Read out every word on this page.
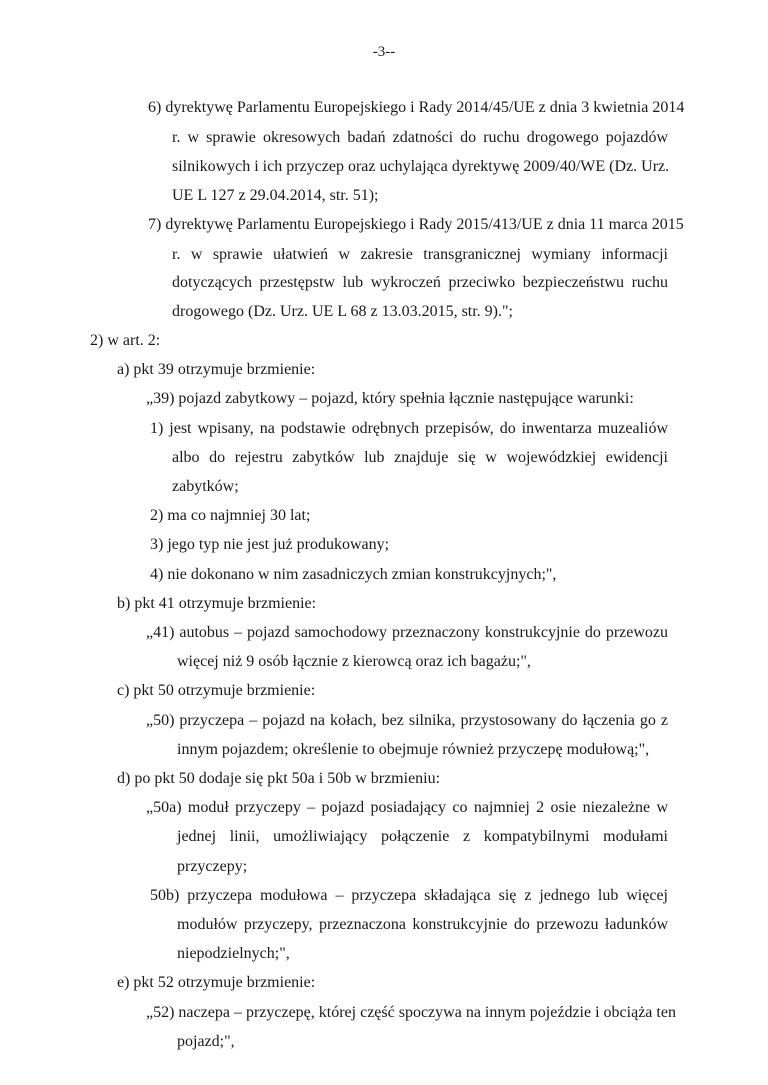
-3--
6) dyrektywę Parlamentu Europejskiego i Rady 2014/45/UE z dnia 3 kwietnia 2014
r. w sprawie okresowych badań zdatności do ruchu drogowego pojazdów
silnikowych i ich przyczep oraz uchylająca dyrektywę 2009/40/WE (Dz. Urz.
UE L 127 z 29.04.2014, str. 51);
7) dyrektywę Parlamentu Europejskiego i Rady 2015/413/UE z dnia 11 marca 2015
r. w sprawie ułatwień w zakresie transgranicznej wymiany informacji
dotyczących przestępstw lub wykroczeń przeciwko bezpieczeństwu ruchu
drogowego (Dz. Urz. UE L 68 z 13.03.2015, str. 9).";
2) w art. 2:
a) pkt 39 otrzymuje brzmienie:
„39) pojazd zabytkowy – pojazd, który spełnia łącznie następujące warunki:
1) jest wpisany, na podstawie odrębnych przepisów, do inwentarza muzealiów
albo do rejestru zabytków lub znajduje się w wojewódzkiej ewidencji
zabytków;
2) ma co najmniej 30 lat;
3) jego typ nie jest już produkowany;
4) nie dokonano w nim zasadniczych zmian konstrukcyjnych;",
b) pkt 41 otrzymuje brzmienie:
„41) autobus – pojazd samochodowy przeznaczony konstrukcyjnie do przewozu
więcej niż 9 osób łącznie z kierowcą oraz ich bagażu;",
c) pkt 50 otrzymuje brzmienie:
„50) przyczepa – pojazd na kołach, bez silnika, przystosowany do łączenia go z
innym pojazdem; określenie to obejmuje również przyczepę modułową;",
d) po pkt 50 dodaje się pkt 50a i 50b w brzmieniu:
„50a) moduł przyczepy – pojazd posiadający co najmniej 2 osie niezależne w
jednej linii, umożliwiający połączenie z kompatybilnymi modułami
przyczepy;
50b) przyczepa modułowa – przyczepa składająca się z jednego lub więcej
modułów przyczepy, przeznaczona konstrukcyjnie do przewozu ładunków
niepodzielnych;",
e) pkt 52 otrzymuje brzmienie:
„52) naczepa – przyczepę, której część spoczywa na innym pojeździe i obciąża ten
pojazd;",
